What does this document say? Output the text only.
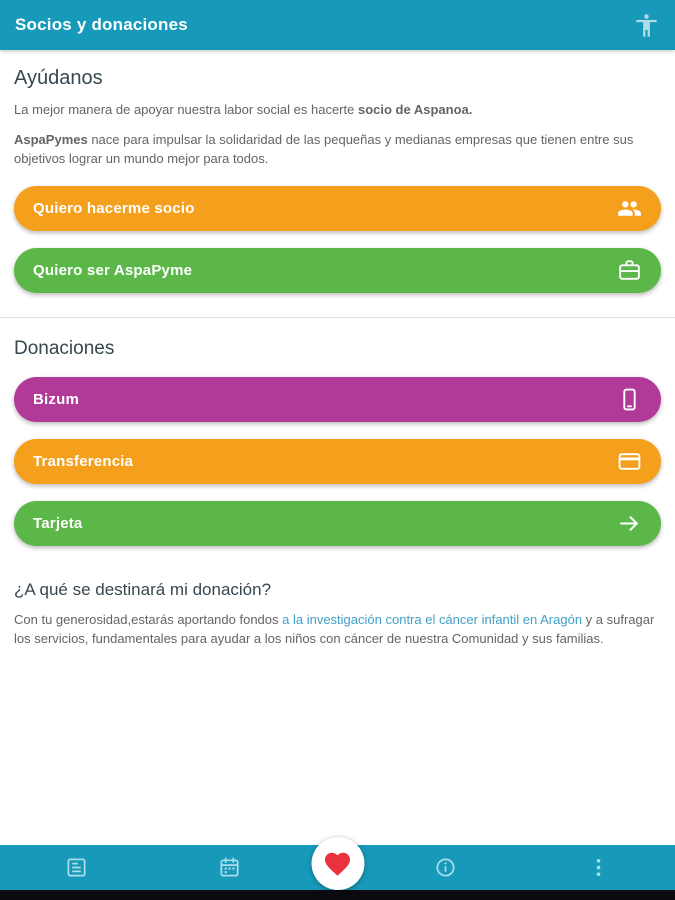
Socios y donaciones
Ayúdanos

La mejor manera de apoyar nuestra labor social es hacerte socio de Aspanoa.

AspaPymes nace para impulsar la solidaridad de las pequeñas y medianas empresas que tienen entre sus objetivos lograr un mundo mejor para todos.

Quiero hacerme socio
Quiero ser AspaPyme
Donaciones
Bizum
Transferencia
Tarjeta
¿A qué se destinará mi donación?

Con tu generosidad,estarás aportando fondos a la investigación contra el cáncer infantil en Aragón y a sufragar los servicios, fundamentales para ayudar a los niños con cáncer de nuestra Comunidad y sus familias.
